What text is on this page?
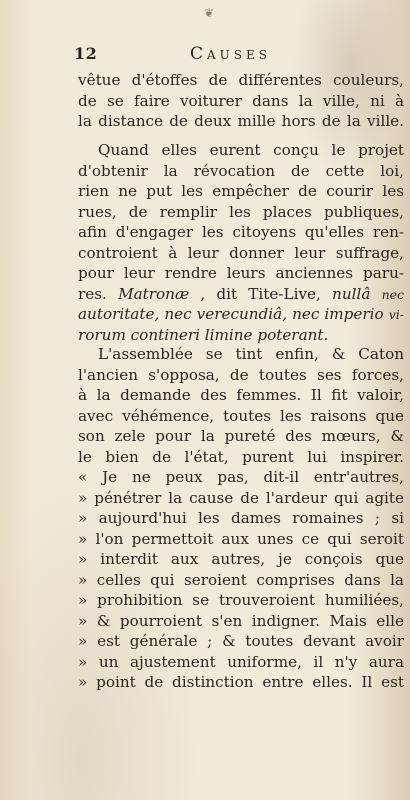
❦
12	Causes
vêtue d'étoffes de différentes couleurs,
de se faire voiturer dans la ville, ni à
la distance de deux mille hors de la ville.
Quand elles eurent conçu le projet
d'obtenir la révocation de cette loi,
rien ne put les empêcher de courir les
rues, de remplir les places publiques,
afin d'engager les citoyens qu'elles ren-
controient à leur donner leur suffrage,
pour leur rendre leurs anciennes paru-
res. Matronæ , dit Tite-Live, nullâ nec
autoritate, nec verecundiâ, nec imperio vi-
rorum contineri limine poterant.
L'assemblée se tint enfin, & Caton
l'ancien s'opposa, de toutes ses forces,
à la demande des femmes. Il fit valoir,
avec véhémence, toutes les raisons que
son zele pour la pureté des mœurs, &
le bien de l'état, purent lui inspirer.
« Je ne peux pas, dit-il entr'autres,
» pénétrer la cause de l'ardeur qui agite
» aujourd'hui les dames romaines ; si
» l'on permettoit aux unes ce qui seroit
» interdit aux autres, je conçois que
» celles qui seroient comprises dans la
» prohibition se trouveroient humiliées,
» & pourroient s'en indigner. Mais elle
» est générale ; & toutes devant avoir
» un ajustement uniforme, il n'y aura
» point de distinction entre elles. Il est
